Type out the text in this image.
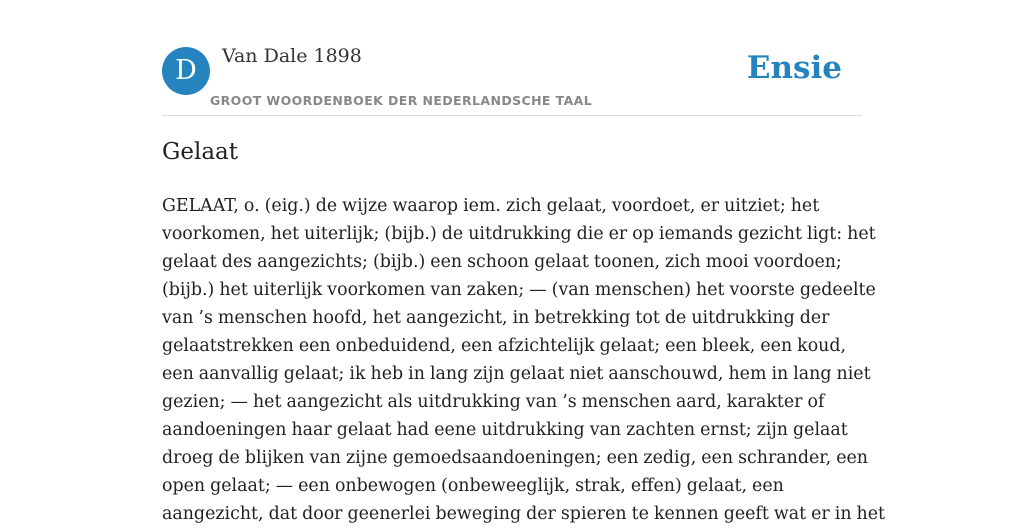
D	Van Dale 1898
GROOT WOORDENBOEK DER NEDERLANDSCHE TAAL
Ensie
Gelaat

GELAAT, o. (eig.) de wijze waarop iem. zich gelaat, voordoet, er uitziet; het
voorkomen, het uiterlijk; (bijb.) de uitdrukking die er op iemands gezicht ligt: het
gelaat des aangezichts; (bijb.) een schoon gelaat toonen, zich mooi voordoen;
(bijb.) het uiterlijk voorkomen van zaken; — (van menschen) het voorste gedeelte
van ’s menschen hoofd, het aangezicht, in betrekking tot de uitdrukking der
gelaatstrekken een onbeduidend, een afzichtelijk gelaat; een bleek, een koud,
een aanvallig gelaat; ik heb in lang zijn gelaat niet aanschouwd, hem in lang niet
gezien; — het aangezicht als uitdrukking van ’s menschen aard, karakter of
aandoeningen haar gelaat had eene uitdrukking van zachten ernst; zijn gelaat
droeg de blijken van zijne gemoedsaandoeningen; een zedig, een schrander, een
open gelaat; — een onbewogen (onbeweeglijk, strak, effen) gelaat, een
aangezicht, dat door geenerlei beweging der spieren te kennen geeft wat er in het
